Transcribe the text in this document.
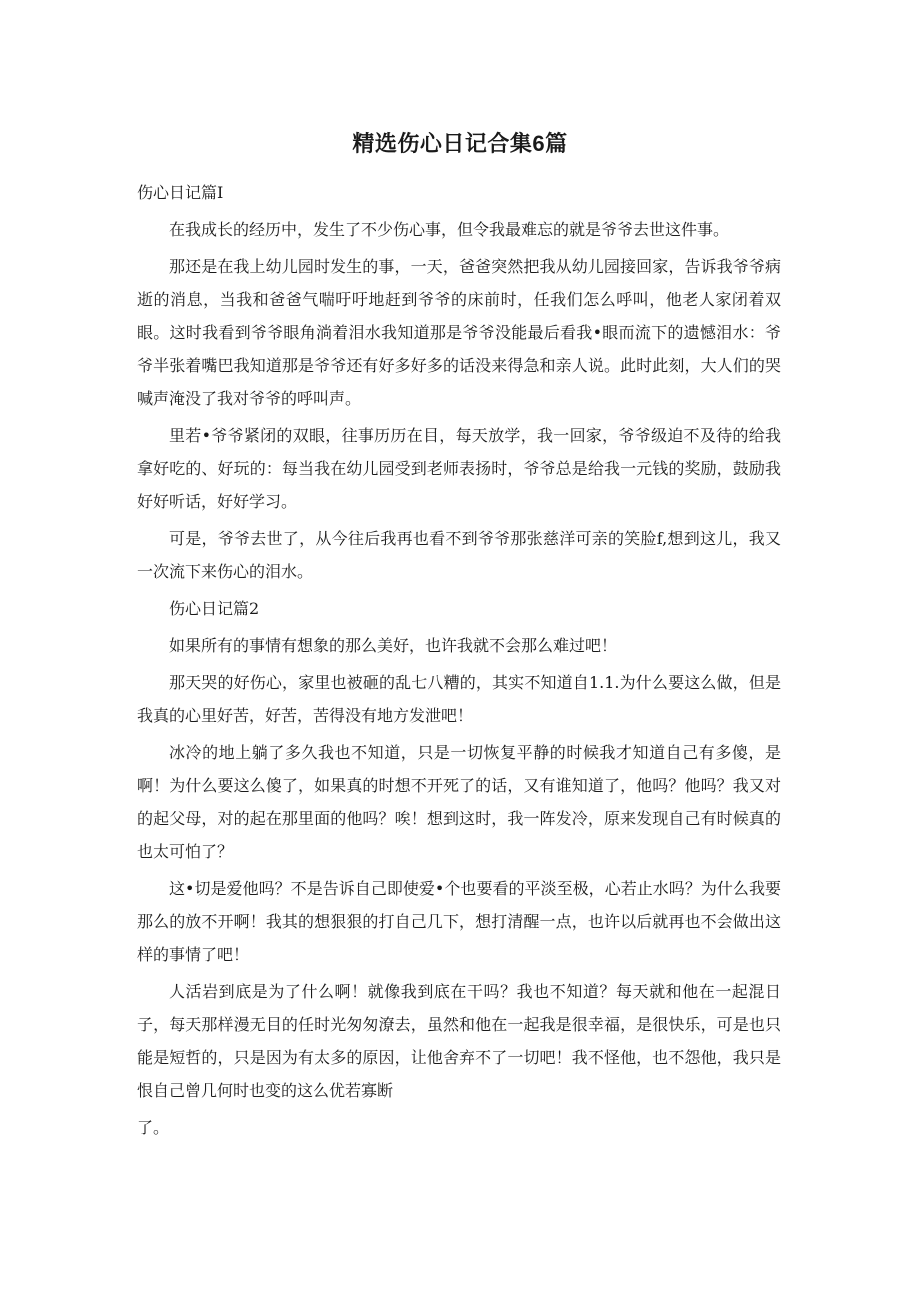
精选伤心日记合集6篇

伤心日记篇I

在我成长的经历中，发生了不少伤心事，但令我最难忘的就是爷爷去世这件事。

那还是在我上幼儿园时发生的事，一天，爸爸突然把我从幼儿园接回家，告诉我爷爷病逝的消息，当我和爸爸气喘吁吁地赶到爷爷的床前时，任我们怎么呼叫，他老人家闭着双眼。这时我看到爷爷眼角淌着泪水我知道那是爷爷没能最后看我•眼而流下的遗憾泪水：爷爷半张着嘴巴我知道那是爷爷还有好多好多的话没来得急和亲人说。此时此刻，大人们的哭喊声淹没了我对爷爷的呼叫声。

里若•爷爷紧闭的双眼，往事历历在目，每天放学，我一回家，爷爷级迫不及待的给我拿好吃的、好玩的：每当我在幼儿园受到老师表扬时，爷爷总是给我一元钱的奖励，鼓励我好好听话，好好学习。

可是，爷爷去世了，从今往后我再也看不到爷爷那张慈洋可亲的笑脸f,想到这儿，我又一次流下来伤心的泪水。

伤心日记篇2

如果所有的事情有想象的那么美好，也许我就不会那么难过吧！

那天哭的好伤心，家里也被砸的乱七八糟的，其实不知道自1.1.为什么要这么做，但是我真的心里好苦，好苦，苦得没有地方发泄吧！

冰冷的地上躺了多久我也不知道，只是一切恢复平静的时候我才知道自己有多傻，是啊！为什么要这么傻了，如果真的时想不开死了的话，又有谁知道了，他吗？他吗？我又对的起父母，对的起在那里面的他吗？唉！想到这时，我一阵发冷，原来发现自己有时候真的也太可怕了？

这•切是爱他吗？不是告诉自己即使爱•个也要看的平淡至极，心若止水吗？为什么我要那么的放不开啊！我其的想狠狠的打自己几下，想打清醒一点，也许以后就再也不会做出这样的事情了吧！

人活岩到底是为了什么啊！就像我到底在干吗？我也不知道？每天就和他在一起混日子，每天那样漫无目的任时光匆匆潦去，虽然和他在一起我是很幸福，是很快乐，可是也只能是短哲的，只是因为有太多的原因，让他舍弃不了一切吧！我不怪他，也不怨他，我只是恨自己曾几何时也变的这么优若寡断

了。
